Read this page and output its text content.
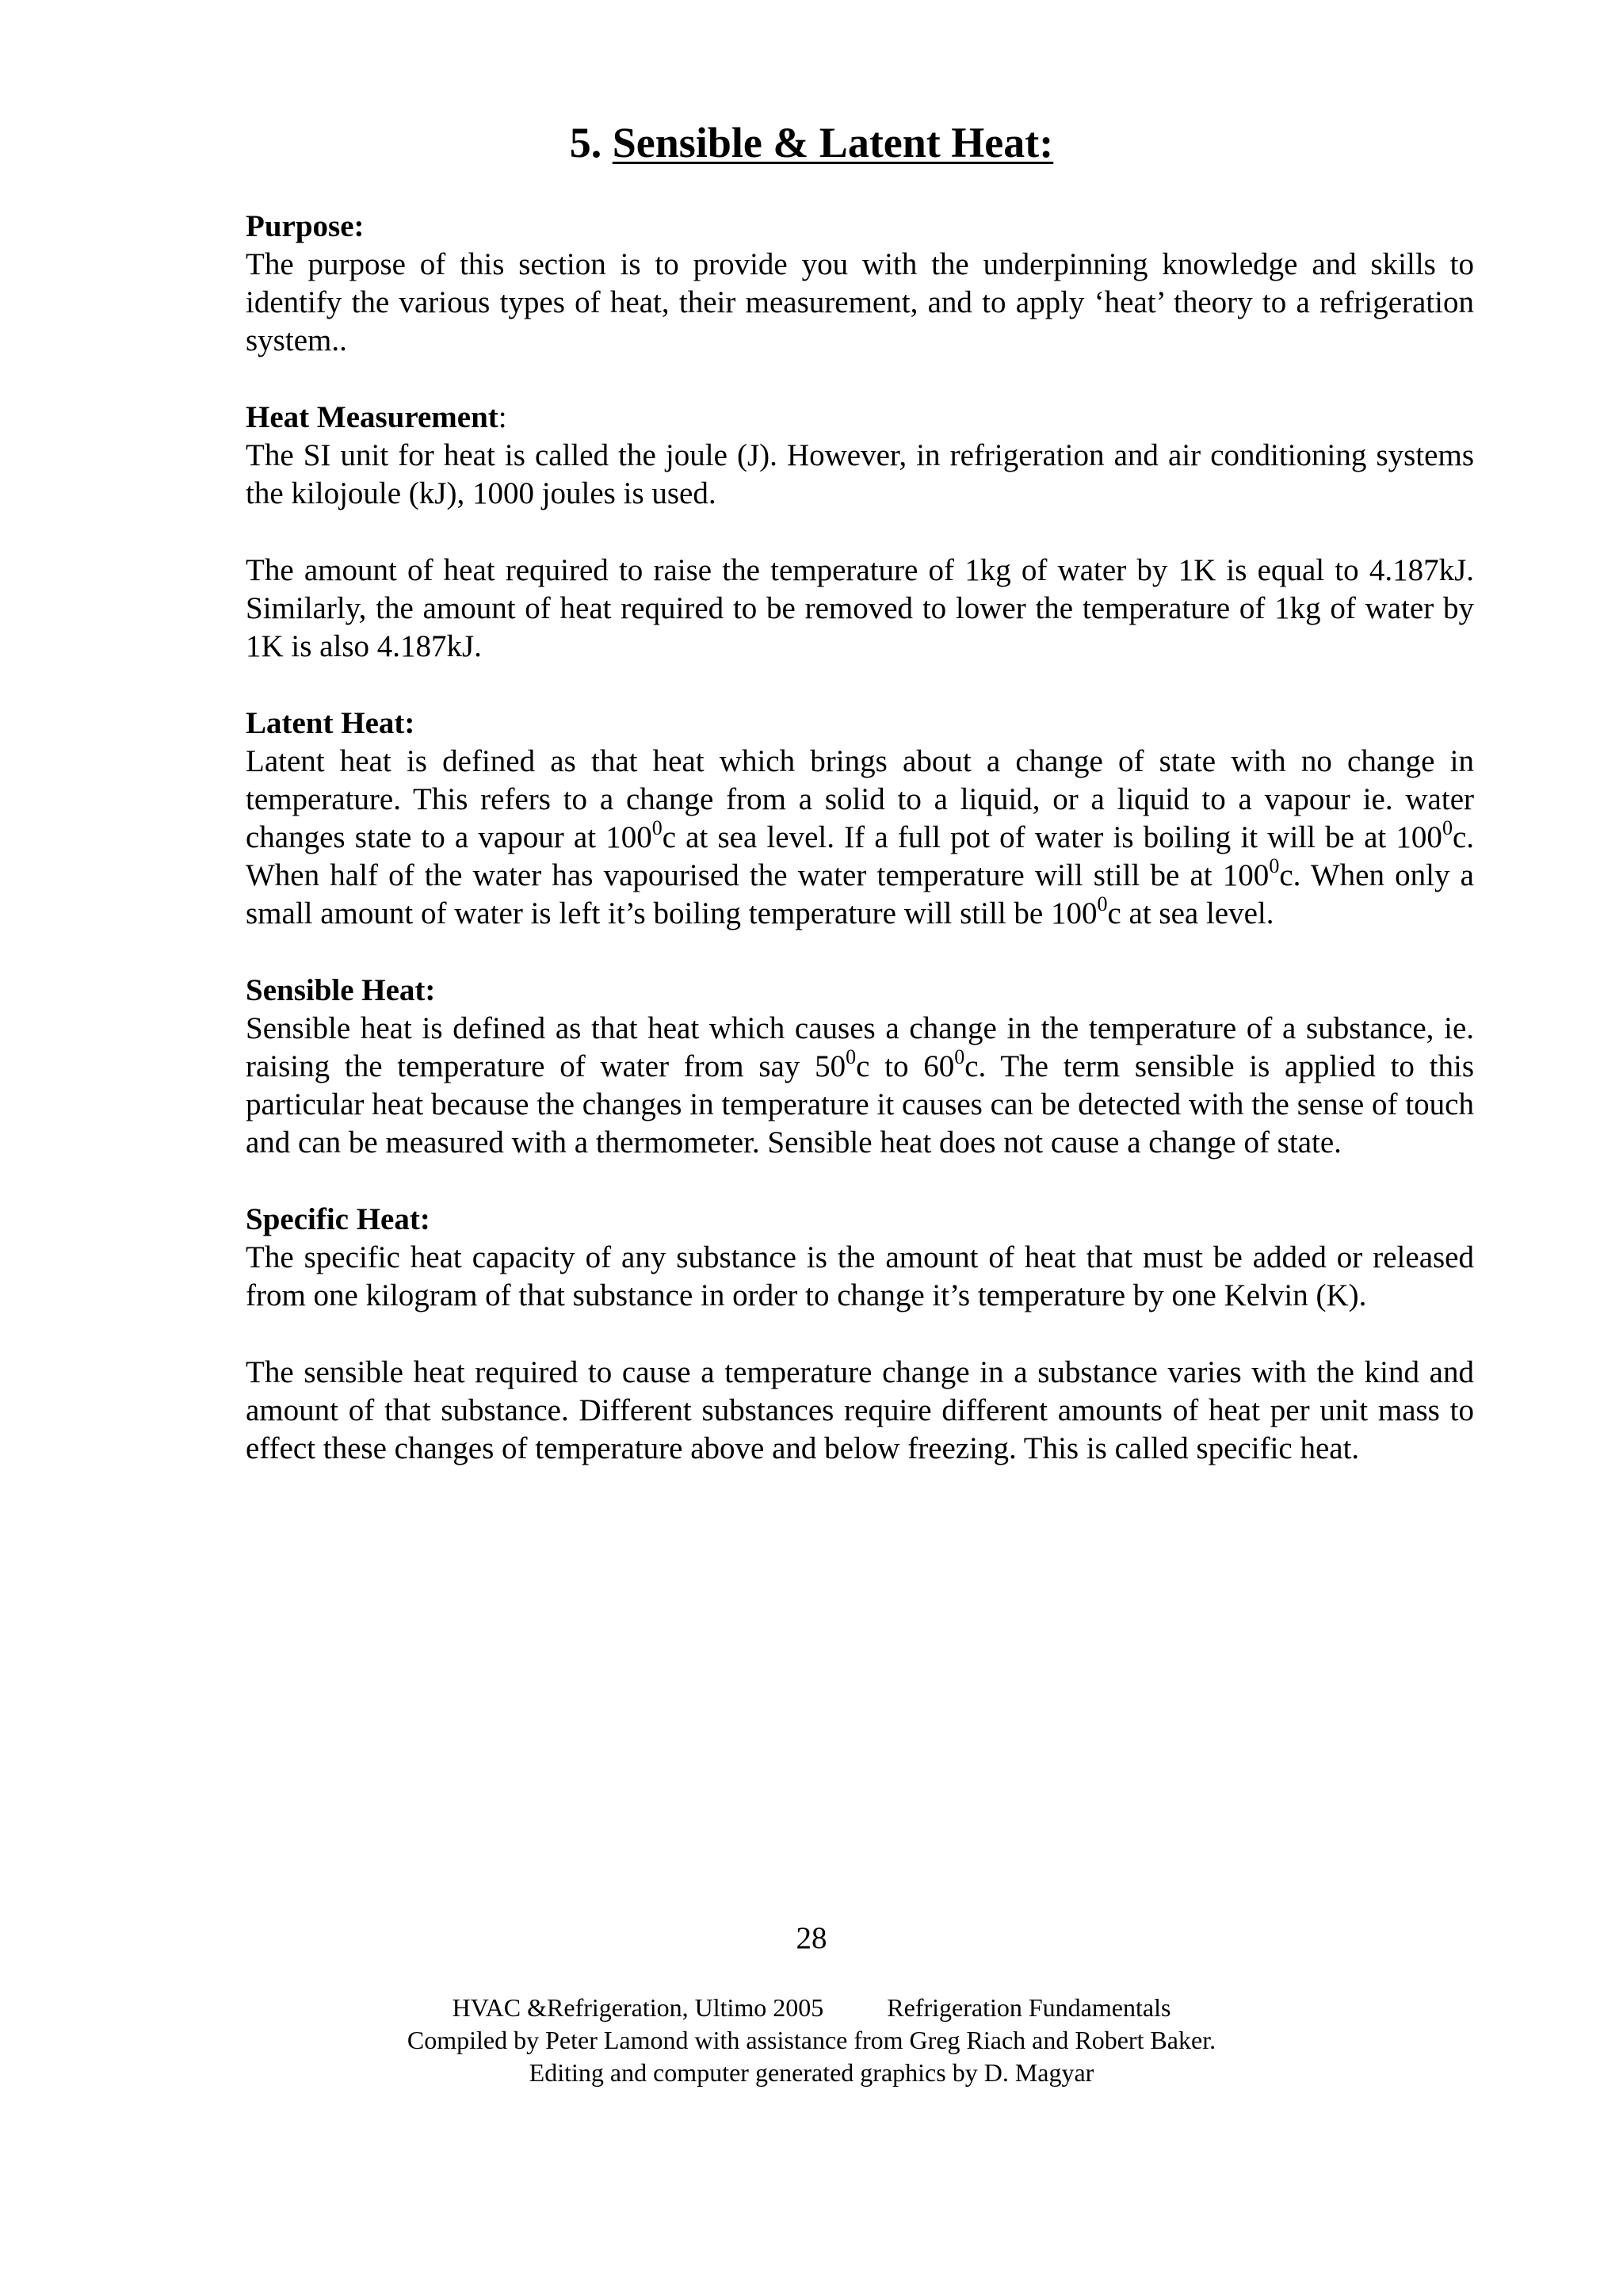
5. Sensible & Latent Heat:

Purpose:

The purpose of this section is to provide you with the underpinning knowledge and skills to identify the various types of heat, their measurement, and to apply ‘heat’ theory to a refrigeration system..

Heat Measurement:

The SI unit for heat is called the joule (J). However, in refrigeration and air conditioning systems the kilojoule (kJ), 1000 joules is used.

The amount of heat required to raise the temperature of 1kg of water by 1K is equal to 4.187kJ. Similarly, the amount of heat required to be removed to lower the temperature of 1kg of water by 1K is also 4.187kJ.

Latent Heat:

Latent heat is defined as that heat which brings about a change of state with no change in temperature. This refers to a change from a solid to a liquid, or a liquid to a vapour ie. water changes state to a vapour at $100^0c$ at sea level. If a full pot of water is boiling it will be at $100^0c$. When half of the water has vapourised the water temperature will still be at $100^0c$. When only a small amount of water is left it’s boiling temperature will still be $100^0c$ at sea level.

Sensible Heat:

Sensible heat is defined as that heat which causes a change in the temperature of a substance, ie. raising the temperature of water from say $50^0c$ to $60^0c$. The term sensible is applied to this particular heat because the changes in temperature it causes can be detected with the sense of touch and can be measured with a thermometer. Sensible heat does not cause a change of state.

Specific Heat:

The specific heat capacity of any substance is the amount of heat that must be added or released from one kilogram of that substance in order to change it’s temperature by one Kelvin (K).

The sensible heat required to cause a temperature change in a substance varies with the kind and amount of that substance. Different substances require different amounts of heat per unit mass to effect these changes of temperature above and below freezing. This is called specific heat.

28

HVAC &Refrigeration, Ultimo 2005	Refrigeration Fundamentals

Compiled by Peter Lamond with assistance from Greg Riach and Robert Baker.

Editing and computer generated graphics by D. Magyar
